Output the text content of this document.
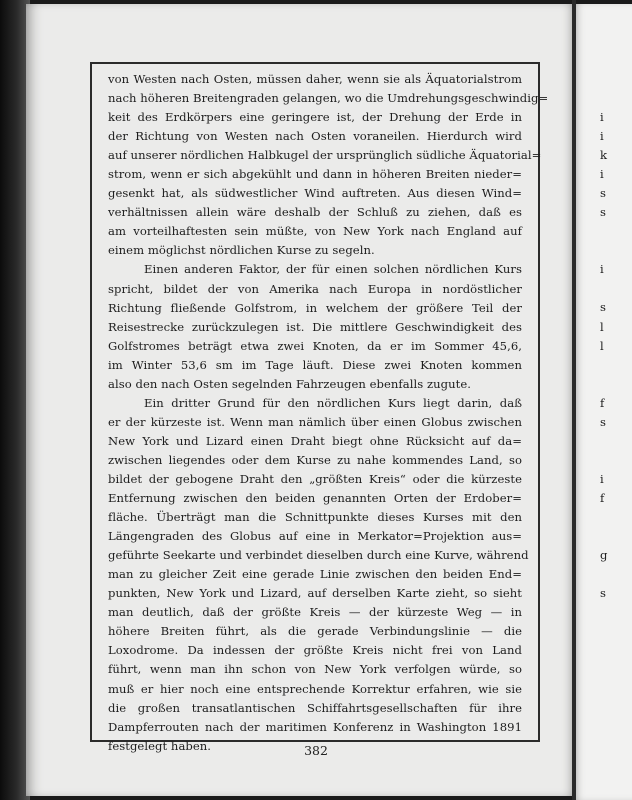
von Westen nach Osten, müssen daher, wenn sie als Äquatorialstrom
nach höheren Breitengraden gelangen, wo die Umdrehungsgeschwindig=
keit des Erdkörpers eine geringere ist, der Drehung der Erde in
der Richtung von Westen nach Osten voraneilen. Hierdurch wird
auf unserer nördlichen Halbkugel der ursprünglich südliche Äquatorial=
strom, wenn er sich abgekühlt und dann in höheren Breiten nieder=
gesenkt hat, als südwestlicher Wind auftreten. Aus diesen Wind=
verhältnissen allein wäre deshalb der Schluß zu ziehen, daß es
am vorteilhaftesten sein müßte, von New York nach England auf
einem möglichst nördlichen Kurse zu segeln.
Einen anderen Faktor, der für einen solchen nördlichen Kurs
spricht, bildet der von Amerika nach Europa in nordöstlicher
Richtung fließende Golfstrom, in welchem der größere Teil der
Reisestrecke zurückzulegen ist. Die mittlere Geschwindigkeit des
Golfstromes beträgt etwa zwei Knoten, da er im Sommer 45,6,
im Winter 53,6 sm im Tage läuft. Diese zwei Knoten kommen
also den nach Osten segelnden Fahrzeugen ebenfalls zugute.
Ein dritter Grund für den nördlichen Kurs liegt darin, daß
er der kürzeste ist. Wenn man nämlich über einen Globus zwischen
New York und Lizard einen Draht biegt ohne Rücksicht auf da=
zwischen liegendes oder dem Kurse zu nahe kommendes Land, so
bildet der gebogene Draht den „größten Kreis“ oder die kürzeste
Entfernung zwischen den beiden genannten Orten der Erdober=
fläche. Überträgt man die Schnittpunkte dieses Kurses mit den
Längengraden des Globus auf eine in Merkator=Projektion aus=
geführte Seekarte und verbindet dieselben durch eine Kurve, während
man zu gleicher Zeit eine gerade Linie zwischen den beiden End=
punkten, New York und Lizard, auf derselben Karte zieht, so sieht
man deutlich, daß der größte Kreis — der kürzeste Weg — in
höhere Breiten führt, als die gerade Verbindungslinie — die
Loxodrome. Da indessen der größte Kreis nicht frei von Land
führt, wenn man ihn schon von New York verfolgen würde, so
muß er hier noch eine entsprechende Korrektur erfahren, wie sie
die großen transatlantischen Schiffahrtsgesellschaften für ihre
Dampferrouten nach der maritimen Konferenz in Washington 1891
festgelegt haben.	382
i
i
k
i
s
s

i

s
l
l

f
s

i
f

g

s
